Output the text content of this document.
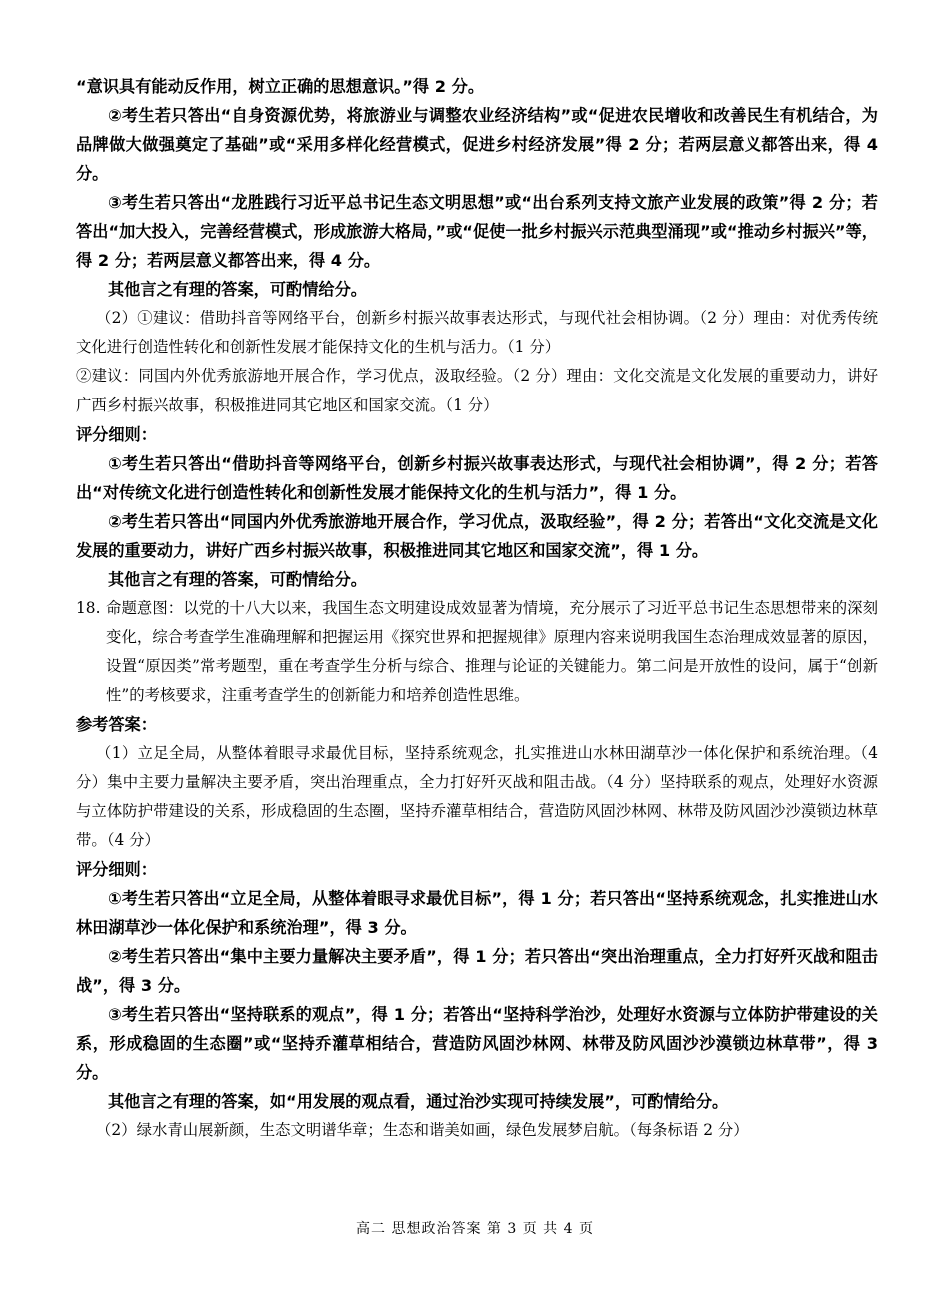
“意识具有能动反作用，树立正确的思想意识。”得 2 分。

②考生若只答出“自身资源优势，将旅游业与调整农业经济结构”或“促进农民增收和改善民生有机结合，为品牌做大做强奠定了基础”或“采用多样化经营模式，促进乡村经济发展”得 2 分；若两层意义都答出来，得 4 分。

③考生若只答出“龙胜践行习近平总书记生态文明思想”或“出台系列支持文旅产业发展的政策”得 2 分；若答出“加大投入，完善经营模式，形成旅游大格局，”或“促使一批乡村振兴示范典型涌现”或“推动乡村振兴”等，得 2 分；若两层意义都答出来，得 4 分。

其他言之有理的答案，可酌情给分。

（2）①建议：借助抖音等网络平台，创新乡村振兴故事表达形式，与现代社会相协调。（2 分）理由：对优秀传统文化进行创造性转化和创新性发展才能保持文化的生机与活力。（1 分）

②建议：同国内外优秀旅游地开展合作，学习优点，汲取经验。（2 分）理由：文化交流是文化发展的重要动力，讲好广西乡村振兴故事，积极推进同其它地区和国家交流。（1 分）

评分细则：

①考生若只答出“借助抖音等网络平台，创新乡村振兴故事表达形式，与现代社会相协调”，得 2 分；若答出“对传统文化进行创造性转化和创新性发展才能保持文化的生机与活力”，得 1 分。

②考生若只答出“同国内外优秀旅游地开展合作，学习优点，汲取经验”，得 2 分；若答出“文化交流是文化发展的重要动力，讲好广西乡村振兴故事，积极推进同其它地区和国家交流”，得 1 分。

其他言之有理的答案，可酌情给分。

18. 命题意图：以党的十八大以来，我国生态文明建设成效显著为情境，充分展示了习近平总书记生态思想带来的深刻变化，综合考查学生准确理解和把握运用《探究世界和把握规律》原理内容来说明我国生态治理成效显著的原因，设置“原因类”常考题型，重在考查学生分析与综合、推理与论证的关键能力。第二问是开放性的设问，属于“创新性”的考核要求，注重考查学生的创新能力和培养创造性思维。

参考答案：

（1）立足全局，从整体着眼寻求最优目标，坚持系统观念，扎实推进山水林田湖草沙一体化保护和系统治理。（4 分）集中主要力量解决主要矛盾，突出治理重点，全力打好歼灭战和阻击战。（4 分）坚持联系的观点，处理好水资源与立体防护带建设的关系，形成稳固的生态圈，坚持乔灌草相结合，营造防风固沙林网、林带及防风固沙沙漠锁边林草带。（4 分）

评分细则：

①考生若只答出“立足全局，从整体着眼寻求最优目标”，得 1 分；若只答出“坚持系统观念，扎实推进山水林田湖草沙一体化保护和系统治理”，得 3 分。

②考生若只答出“集中主要力量解决主要矛盾”，得 1 分；若只答出“突出治理重点，全力打好歼灭战和阻击战”，得 3 分。

③考生若只答出“坚持联系的观点”，得 1 分；若答出“坚持科学治沙，处理好水资源与立体防护带建设的关系，形成稳固的生态圈”或“坚持乔灌草相结合，营造防风固沙林网、林带及防风固沙沙漠锁边林草带”，得 3 分。

其他言之有理的答案，如“用发展的观点看，通过治沙实现可持续发展”，可酌情给分。

（2）绿水青山展新颜，生态文明谱华章；生态和谐美如画，绿色发展梦启航。（每条标语 2 分）

高二 思想政治答案 第 3 页 共 4 页
